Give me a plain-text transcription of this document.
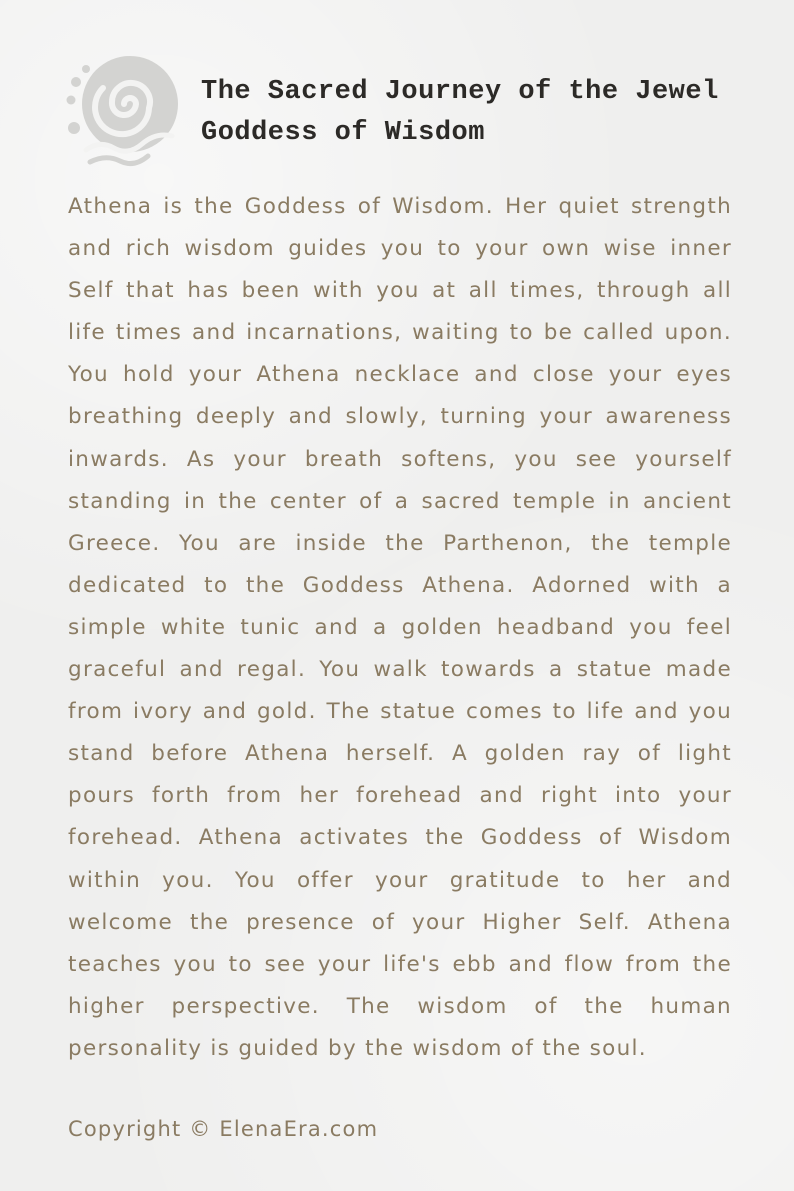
The Sacred Journey of the Jewel
Goddess of Wisdom

Athena is the Goddess of Wisdom. Her quiet strength and rich wisdom guides you to your own wise inner Self that has been with you at all times, through all life times and incarnations, waiting to be called upon. You hold your Athena necklace and close your eyes breathing deeply and slowly, turning your awareness inwards. As your breath softens, you see yourself standing in the center of a sacred temple in ancient Greece. You are inside the Parthenon, the temple dedicated to the Goddess Athena. Adorned with a simple white tunic and a golden headband you feel graceful and regal. You walk towards a statue made from ivory and gold. The statue comes to life and you stand before Athena herself. A golden ray of light pours forth from her forehead and right into your forehead. Athena activates the Goddess of Wisdom within you. You offer your gratitude to her and welcome the presence of your Higher Self. Athena teaches you to see your life's ebb and flow from the higher perspective. The wisdom of the human personality is guided by the wisdom of the soul.

Copyright © ElenaEra.com
